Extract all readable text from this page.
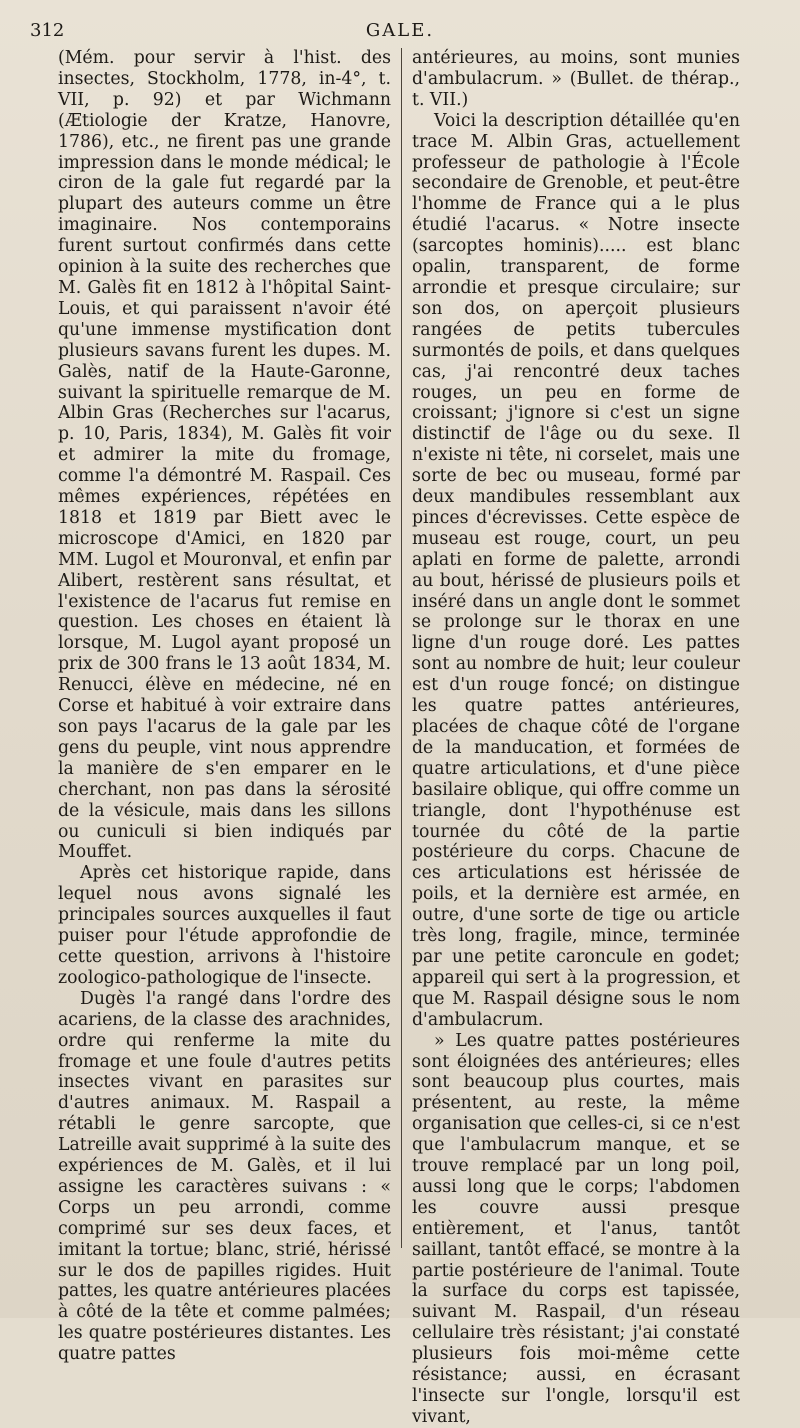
312	GALE.

(Mém. pour servir à l'hist. des insectes, Stockholm, 1778, in-4°, t. VII, p. 92) et par Wichmann (Ætiologie der Kratze, Hanovre, 1786), etc., ne firent pas une grande impression dans le monde médical; le ciron de la gale fut regardé par la plupart des auteurs comme un être imaginaire. Nos contemporains furent surtout confirmés dans cette opinion à la suite des recherches que M. Galès fit en 1812 à l'hôpital Saint-Louis, et qui paraissent n'avoir été qu'une immense mystification dont plusieurs savans furent les dupes. M. Galès, natif de la Haute-Garonne, suivant la spirituelle remarque de M. Albin Gras (Recherches sur l'acarus, p. 10, Paris, 1834), M. Galès fit voir et admirer la mite du fromage, comme l'a démontré M. Raspail. Ces mêmes expériences, répétées en 1818 et 1819 par Biett avec le microscope d'Amici, en 1820 par MM. Lugol et Mouronval, et enfin par Alibert, restèrent sans résultat, et l'existence de l'acarus fut remise en question. Les choses en étaient là lorsque, M. Lugol ayant proposé un prix de 300 frans le 13 août 1834, M. Renucci, élève en médecine, né en Corse et habitué à voir extraire dans son pays l'acarus de la gale par les gens du peuple, vint nous apprendre la manière de s'en emparer en le cherchant, non pas dans la sérosité de la vésicule, mais dans les sillons ou cuniculi si bien indiqués par Mouffet.

Après cet historique rapide, dans lequel nous avons signalé les principales sources auxquelles il faut puiser pour l'étude approfondie de cette question, arrivons à l'histoire zoologico-pathologique de l'insecte.

Dugès l'a rangé dans l'ordre des acariens, de la classe des arachnides, ordre qui renferme la mite du fromage et une foule d'autres petits insectes vivant en parasites sur d'autres animaux. M. Raspail a rétabli le genre sarcopte, que Latreille avait supprimé à la suite des expériences de M. Galès, et il lui assigne les caractères suivans : « Corps un peu arrondi, comme comprimé sur ses deux faces, et imitant la tortue; blanc, strié, hérissé sur le dos de papilles rigides. Huit pattes, les quatre antérieures placées à côté de la tête et comme palmées; les quatre postérieures distantes. Les quatre pattes

antérieures, au moins, sont munies d'ambulacrum. » (Bullet. de thérap., t. VII.)

Voici la description détaillée qu'en trace M. Albin Gras, actuellement professeur de pathologie à l'École secondaire de Grenoble, et peut-être l'homme de France qui a le plus étudié l'acarus. « Notre insecte (sarcoptes hominis)..... est blanc opalin, transparent, de forme arrondie et presque circulaire; sur son dos, on aperçoit plusieurs rangées de petits tubercules surmontés de poils, et dans quelques cas, j'ai rencontré deux taches rouges, un peu en forme de croissant; j'ignore si c'est un signe distinctif de l'âge ou du sexe. Il n'existe ni tête, ni corselet, mais une sorte de bec ou museau, formé par deux mandibules ressemblant aux pinces d'écrevisses. Cette espèce de museau est rouge, court, un peu aplati en forme de palette, arrondi au bout, hérissé de plusieurs poils et inséré dans un angle dont le sommet se prolonge sur le thorax en une ligne d'un rouge doré. Les pattes sont au nombre de huit; leur couleur est d'un rouge foncé; on distingue les quatre pattes antérieures, placées de chaque côté de l'organe de la manducation, et formées de quatre articulations, et d'une pièce basilaire oblique, qui offre comme un triangle, dont l'hypothénuse est tournée du côté de la partie postérieure du corps. Chacune de ces articulations est hérissée de poils, et la dernière est armée, en outre, d'une sorte de tige ou article très long, fragile, mince, terminée par une petite caroncule en godet; appareil qui sert à la progression, et que M. Raspail désigne sous le nom d'ambulacrum.

» Les quatre pattes postérieures sont éloignées des antérieures; elles sont beaucoup plus courtes, mais présentent, au reste, la même organisation que celles-ci, si ce n'est que l'ambulacrum manque, et se trouve remplacé par un long poil, aussi long que le corps; l'abdomen les couvre aussi presque entièrement, et l'anus, tantôt saillant, tantôt effacé, se montre à la partie postérieure de l'animal. Toute la surface du corps est tapissée, suivant M. Raspail, d'un réseau cellulaire très résistant; j'ai constaté plusieurs fois moi-même cette résistance; aussi, en écrasant l'insecte sur l'ongle, lorsqu'il est vivant,
